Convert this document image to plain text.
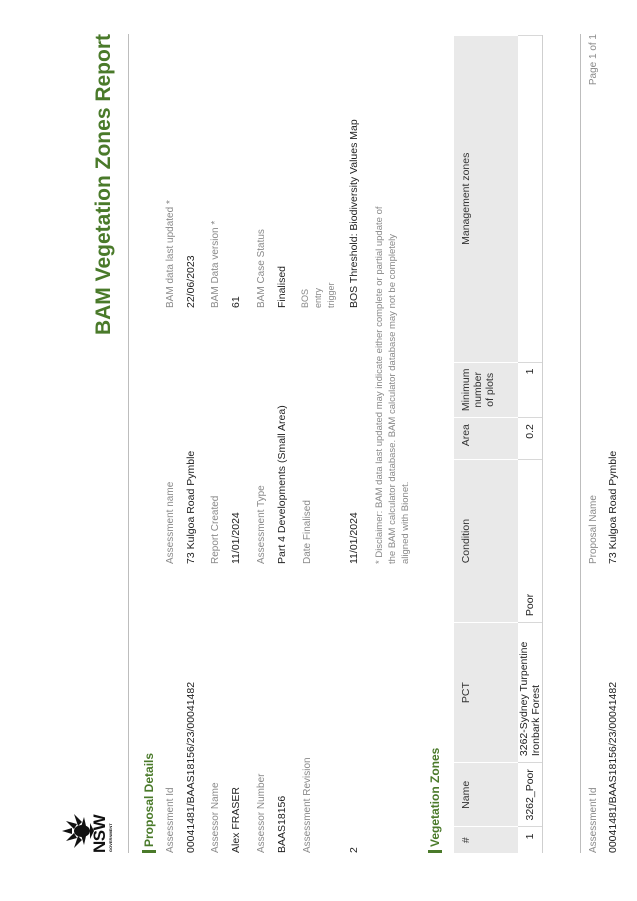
NSW GOVERNMENT
BAM Vegetation Zones Report
Proposal Details Assessment Id 00041481/BAAS18156/23/00041482
Assessment name 73 Kulgoa Road Pymble
BAM data last updated * 22/06/2023
Assessor Name Alex FRASER
Report Created 11/01/2024
BAM Data version * 61
Assessor Number BAAS18156
Assessment Type Part 4 Developments (Small Area)
BAM Case Status Finalised
Assessment Revision	2
Date Finalised	11/01/2024
BOS entry trigger BOS Threshold: Biodiversity Values Map * Disclaimer: BAM data last updated may indicate either complete or partial update of the BAM calculator database. BAM calculator database may not be completely aligned with Bionet.
Vegetation Zones #	Name	PCT	Condition	Area	Minimum number of plots	Management zones
1	3262_Poor	3262-Sydney Turpentine Ironbark Forest	Poor	0.2	1	
Assessment Id 00041481/BAAS18156/23/00041482
Proposal Name 73 Kulgoa Road Pymble
Page 1 of 1
